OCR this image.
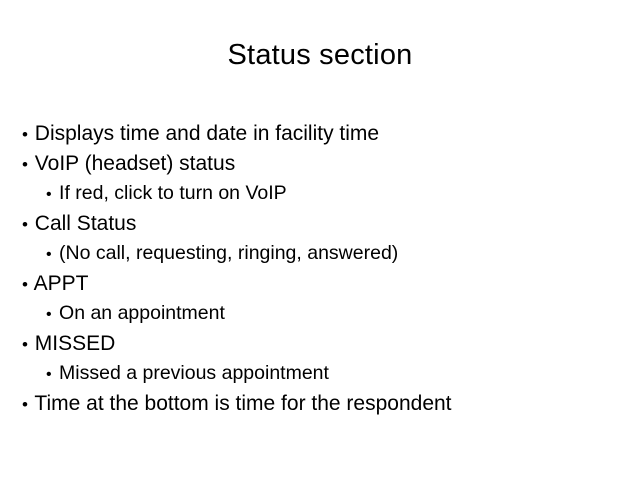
Status section
• Displays time and date in facility time
• VoIP (headset) status
• If red, click to turn on VoIP
• Call Status
• (No call, requesting, ringing, answered)
• APPT
• On an appointment
• MISSED
• Missed a previous appointment
• Time at the bottom is time for the respondent
